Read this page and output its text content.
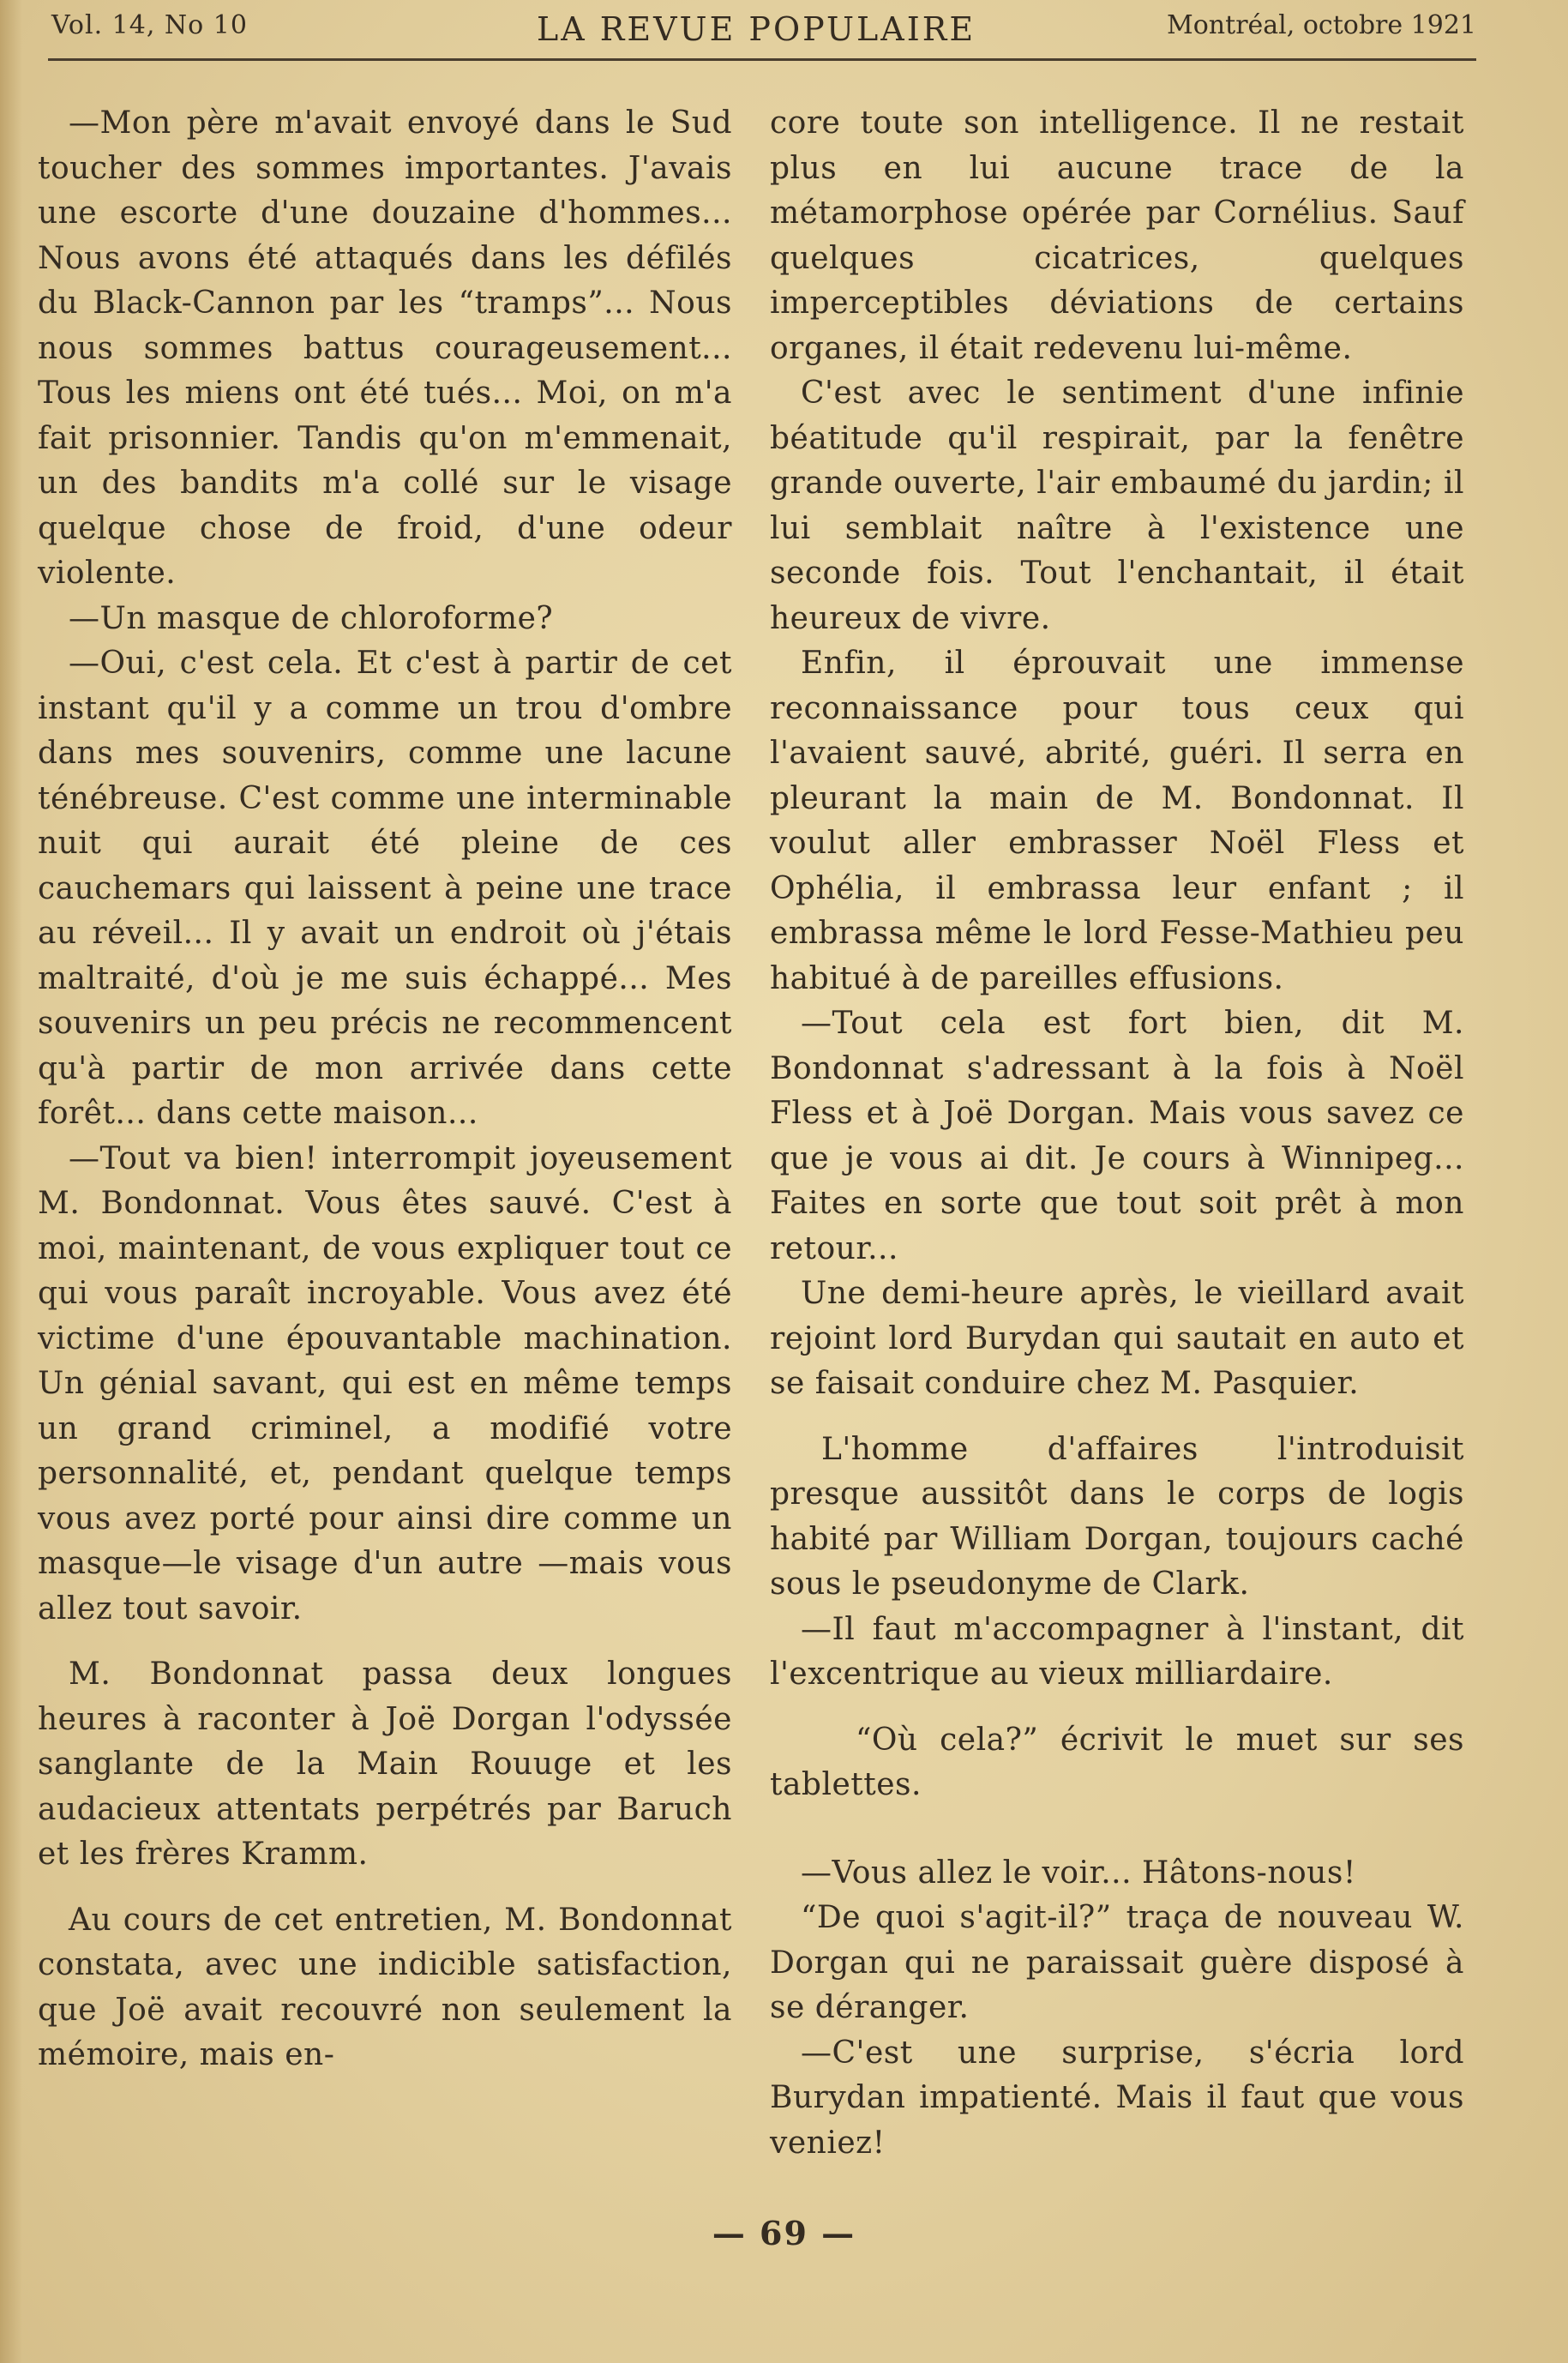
Vol. 14, No 10	LA REVUE POPULAIRE	Montréal, octobre 1921

—Mon père m'avait envoyé dans le Sud toucher des sommes importantes. J'avais une escorte d'une douzaine d'hommes... Nous avons été attaqués dans les défilés du Black-Cannon par les “tramps”... Nous nous sommes battus courageusement... Tous les miens ont été tués... Moi, on m'a fait prisonnier. Tandis qu'on m'emmenait, un des bandits m'a collé sur le visage quelque chose de froid, d'une odeur violente.

—Un masque de chloroforme?

—Oui, c'est cela. Et c'est à partir de cet instant qu'il y a comme un trou d'ombre dans mes souvenirs, comme une lacune ténébreuse. C'est comme une interminable nuit qui aurait été pleine de ces cauchemars qui laissent à peine une trace au réveil... Il y avait un endroit où j'étais maltraité, d'où je me suis échappé... Mes souvenirs un peu précis ne recommencent qu'à partir de mon arrivée dans cette forêt... dans cette maison...

—Tout va bien! interrompit joyeusement M. Bondonnat. Vous êtes sauvé. C'est à moi, maintenant, de vous expliquer tout ce qui vous paraît incroyable. Vous avez été victime d'une épouvantable machination. Un génial savant, qui est en même temps un grand criminel, a modifié votre personnalité, et, pendant quelque temps vous avez porté pour ainsi dire comme un masque—le visage d'un autre —mais vous allez tout savoir.

M. Bondonnat passa deux longues heures à raconter à Joë Dorgan l'odyssée sanglante de la Main Rouuge et les audacieux attentats perpétrés par Baruch et les frères Kramm.

Au cours de cet entretien, M. Bondonnat constata, avec une indicible satisfaction, que Joë avait recouvré non seulement la mémoire, mais en-

core toute son intelligence. Il ne restait plus en lui aucune trace de la métamorphose opérée par Cornélius. Sauf quelques cicatrices, quelques imperceptibles déviations de certains organes, il était redevenu lui-même.

C'est avec le sentiment d'une infinie béatitude qu'il respirait, par la fenêtre grande ouverte, l'air embaumé du jardin; il lui semblait naître à l'existence une seconde fois. Tout l'enchantait, il était heureux de vivre.

Enfin, il éprouvait une immense reconnaissance pour tous ceux qui l'avaient sauvé, abrité, guéri. Il serra en pleurant la main de M. Bondonnat. Il voulut aller embrasser Noël Fless et Ophélia, il embrassa leur enfant ; il embrassa même le lord Fesse-Mathieu peu habitué à de pareilles effusions.

—Tout cela est fort bien, dit M. Bondonnat s'adressant à la fois à Noël Fless et à Joë Dorgan. Mais vous savez ce que je vous ai dit. Je cours à Winnipeg... Faites en sorte que tout soit prêt à mon retour...

Une demi-heure après, le vieillard avait rejoint lord Burydan qui sautait en auto et se faisait conduire chez M. Pasquier.

L'homme d'affaires l'introduisit presque aussitôt dans le corps de logis habité par William Dorgan, toujours caché sous le pseudonyme de Clark.

—Il faut m'accompagner à l'instant, dit l'excentrique au vieux milliardaire.

“Où cela?” écrivit le muet sur ses tablettes.

—Vous allez le voir... Hâtons-nous!

“De quoi s'agit-il?” traça de nouveau W. Dorgan qui ne paraissait guère disposé à se déranger.

—C'est une surprise, s'écria lord Burydan impatienté. Mais il faut que vous veniez!

— 69 —
